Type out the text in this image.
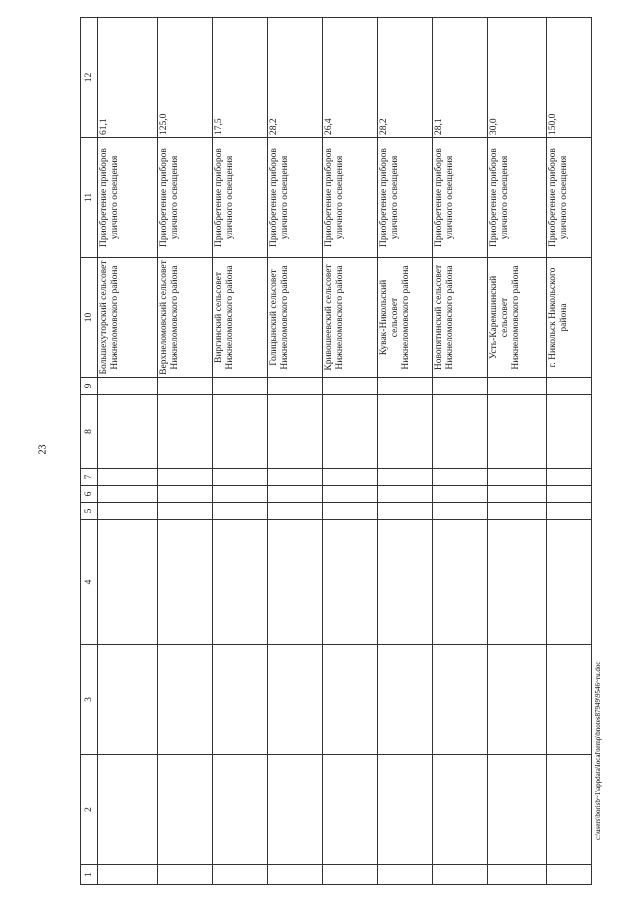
23
1	2	3	4	5	6	7	8	9	10	11	12
									Большехуторский сельсовет Нижнеломовского района	Приобретение приборов уличного освещения	61,1
									Верхнеломовский сельсовет Нижнеломовского района	Приобретение приборов уличного освещения	125,0
									Виргинский сельсовет Нижнеломовского района	Приобретение приборов уличного освещения	17,5
									Голицынский сельсовет Нижнеломовского района	Приобретение приборов уличного освещения	28,2
									Кривошеевский сельсовет Нижнеломовского района	Приобретение приборов уличного освещения	26,4
									Кувак-Никольский сельсовет Нижнеломовского района	Приобретение приборов уличного освещения	28,2
									Новопятинский сельсовет Нижнеломовского района	Приобретение приборов уличного освещения	28,1
									Усть-Каремшинский сельсовет Нижнеломовского района	Приобретение приборов уличного освещения	30,0
									г. Никольск Никольского района	Приобретение приборов уличного освещения	150,0
c:\users\borisb~1\appdata\local\temp\bnotes87949\9546~ru.doc
